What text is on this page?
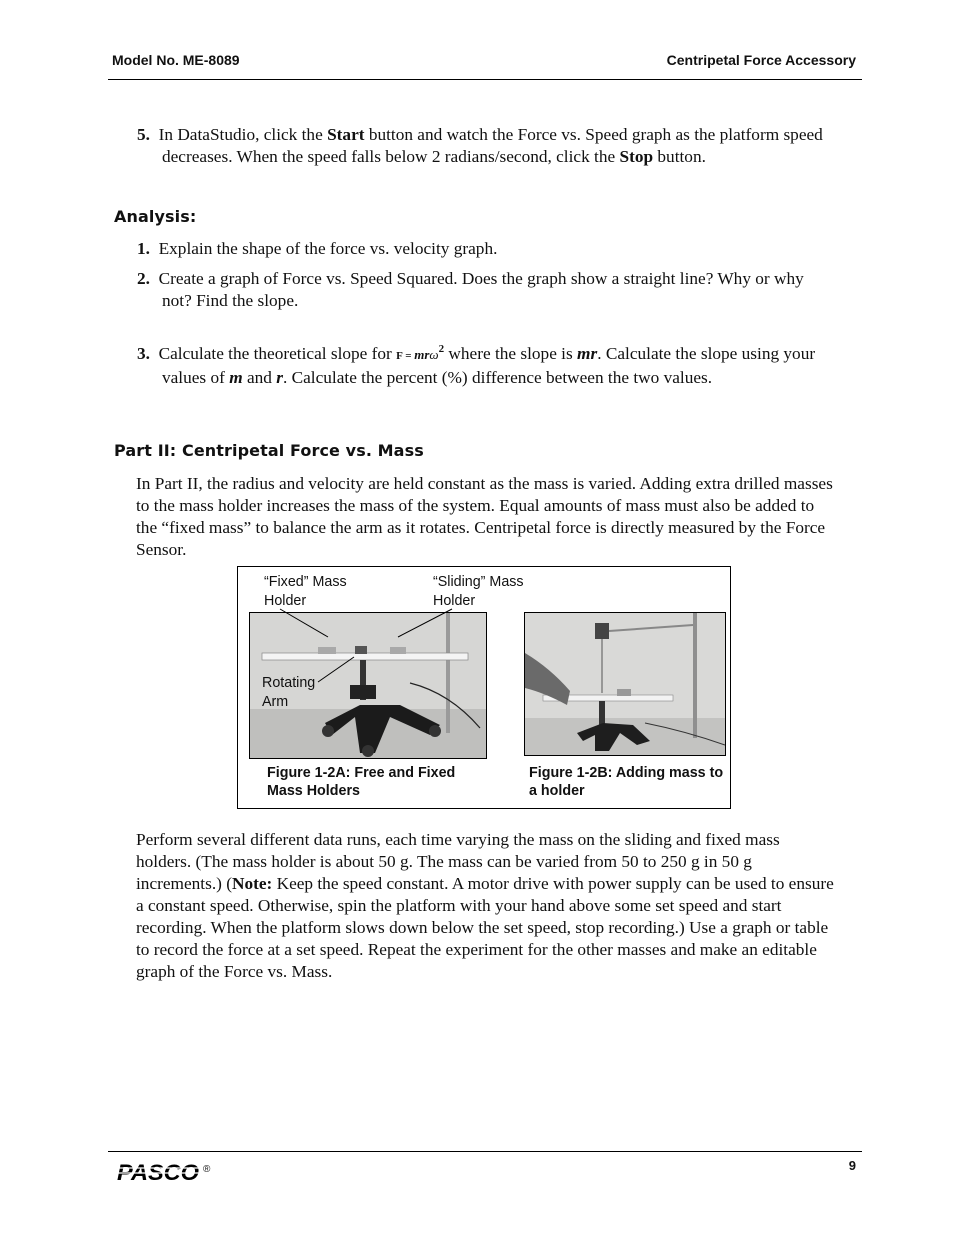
Model No. ME-8089	Centripetal Force Accessory
5. In DataStudio, click the Start button and watch the Force vs. Speed graph as the platform speed decreases. When the speed falls below 2 radians/second, click the Stop button.
Analysis:
1. Explain the shape of the force vs. velocity graph.
2. Create a graph of Force vs. Speed Squared. Does the graph show a straight line? Why or why not? Find the slope.
3. Calculate the theoretical slope for F = mrω$^2$ where the slope is mr. Calculate the slope using your values of m and r. Calculate the percent (%) difference between the two values.
Part II: Centripetal Force vs. Mass
In Part II, the radius and velocity are held constant as the mass is varied. Adding extra drilled masses to the mass holder increases the mass of the system. Equal amounts of mass must also be added to the “fixed mass” to balance the arm as it rotates. Centripetal force is directly measured by the Force Sensor.
“Fixed” Mass
Holder
“Sliding” Mass
Holder
Rotating
Arm
Figure 1-2A: Free and Fixed Mass Holders
Figure 1-2B: Adding mass to a holder
Perform several different data runs, each time varying the mass on the sliding and fixed mass holders. (The mass holder is about 50 g. The mass can be varied from 50 to 250 g in 50 g increments.) (Note: Keep the speed constant. A motor drive with power supply can be used to ensure a constant speed. Otherwise, spin the platform with your hand above some set speed and start recording. When the platform slows down below the set speed, stop recording.) Use a graph or table to record the force at a set speed. Repeat the experiment for the other masses and make an editable graph of the Force vs. Mass.
PASCO ®	9
